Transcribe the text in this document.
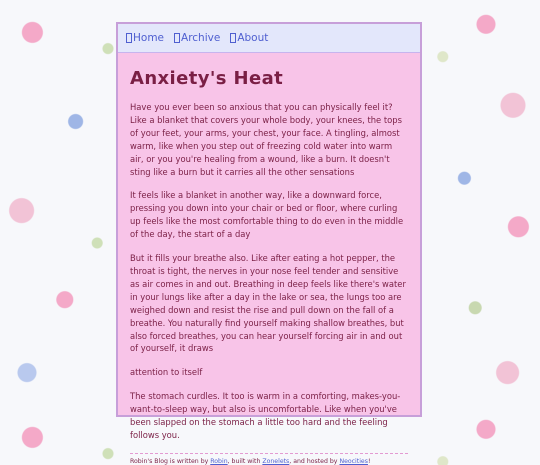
Home Archive About
Anxiety's Heat

Have you ever been so anxious that you can physically feel it? Like a blanket that covers your whole body, your knees, the tops of your feet, your arms, your chest, your face. A tingling, almost warm, like when you step out of freezing cold water into warm air, or you you're healing from a wound, like a burn. It doesn't sting like a burn but it carries all the other sensations

It feels like a blanket in another way, like a downward force, pressing you down into your chair or bed or floor, where curling up feels like the most comfortable thing to do even in the middle of the day, the start of a day

But it fills your breathe also. Like after eating a hot pepper, the throat is tight, the nerves in your nose feel tender and sensitive as air comes in and out. Breathing in deep feels like there's water in your lungs like after a day in the lake or sea, the lungs too are weighed down and resist the rise and pull down on the fall of a breathe. You naturally find yourself making shallow breathes, but also forced breathes, you can hear yourself forcing air in and out of yourself, it draws

attention to itself

The stomach curdles. It too is warm in a comforting, makes-you-want-to-sleep way, but also is uncomfortable. Like when you've been slapped on the stomach a little too hard and the feeling follows you.

Robin's Blog is written by Robin, built with Zonelets, and hosted by Neocities!
